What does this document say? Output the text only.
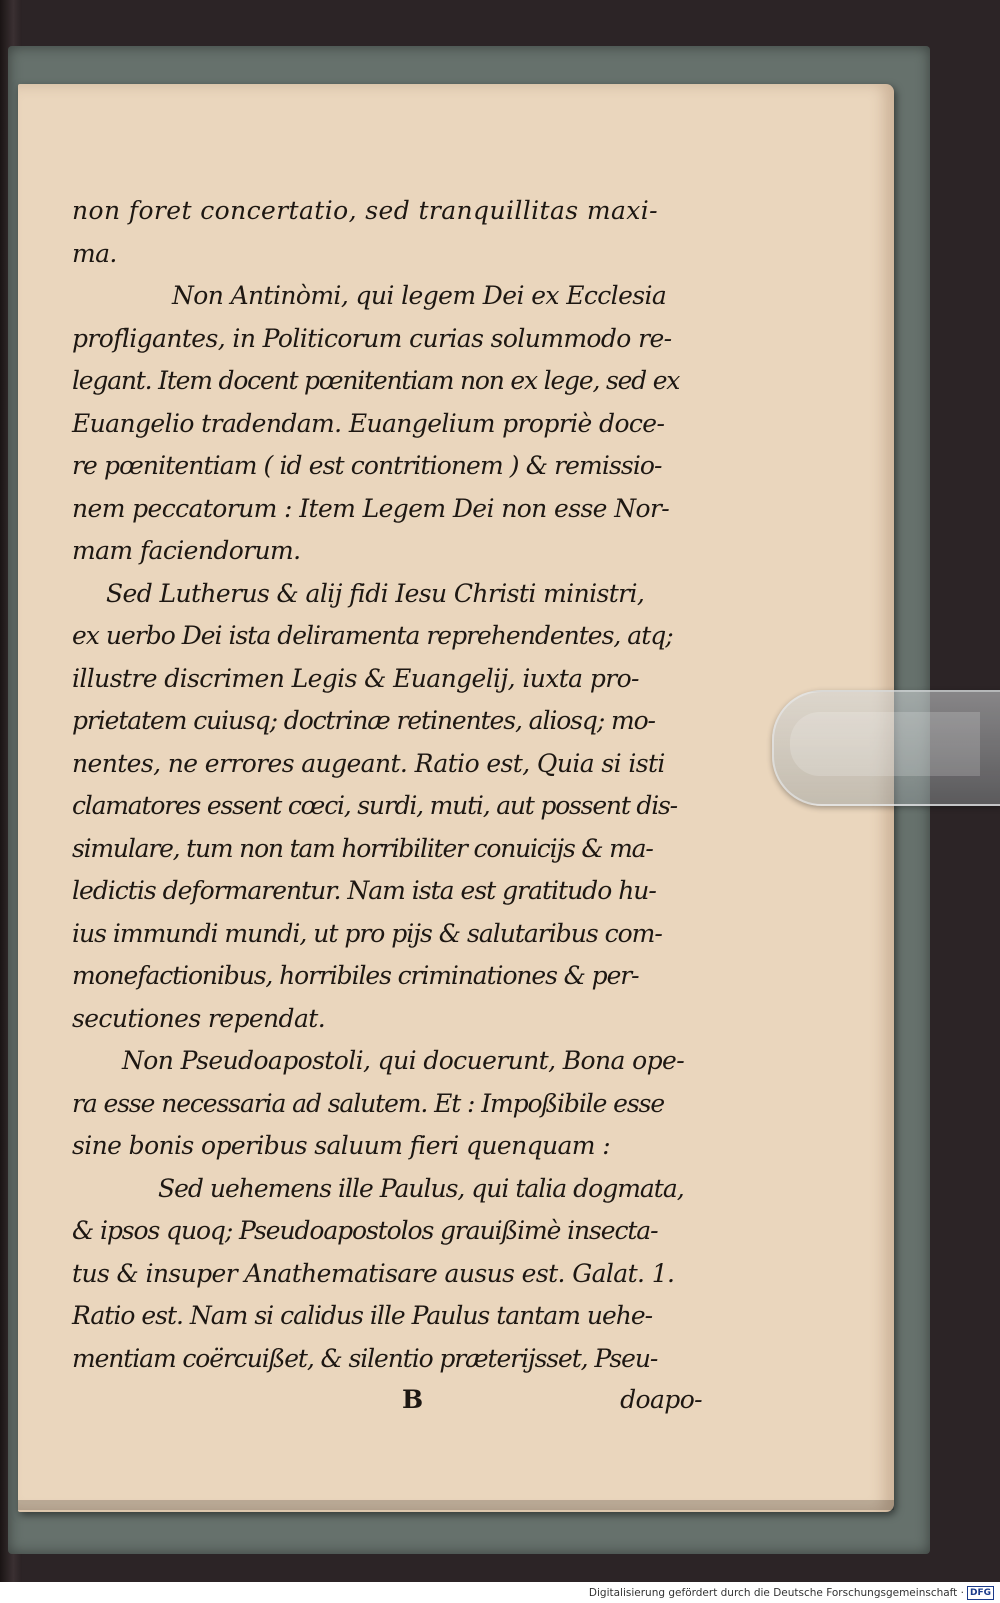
non foret concertatio, sed tranquillitas maxi-
ma.
Non Antinòmi, qui legem Dei ex Ecclesia
profligantes, in Politicorum curias solummodo re-
legant. Item docent pœnitentiam non ex lege, sed ex
Euangelio tradendam. Euangelium propriè doce-
re pœnitentiam ( id est contritionem ) & remissio-
nem peccatorum : Item Legem Dei non esse Nor-
mam faciendorum.
Sed Lutherus & alij fidi Iesu Christi ministri,
ex uerbo Dei ista deliramenta reprehendentes, atq;
illustre discrimen Legis & Euangelij, iuxta pro-
prietatem cuiusq; doctrinæ retinentes, aliosq; mo-
nentes, ne errores augeant. Ratio est, Quia si isti
clamatores essent cœci, surdi, muti, aut possent dis-
simulare, tum non tam horribiliter conuicijs & ma-
ledictis deformarentur. Nam ista est gratitudo hu-
ius immundi mundi, ut pro pijs & salutaribus com-
monefactionibus, horribiles criminationes & per-
secutiones rependat.
Non Pseudoapostoli, qui docuerunt, Bona ope-
ra esse necessaria ad salutem. Et : Impoßibile esse
sine bonis operibus saluum fieri quenquam :
Sed uehemens ille Paulus, qui talia dogmata,
& ipsos quoq; Pseudoapostolos grauißimè insecta-
tus & insuper Anathematisare ausus est. Galat. 1.
Ratio est. Nam si calidus ille Paulus tantam uehe-
mentiam coërcuißet, & silentio præterijsset, Pseu-
B	doapo-
Digitalisierung gefördert durch die Deutsche Forschungsgemeinschaft · DFG
